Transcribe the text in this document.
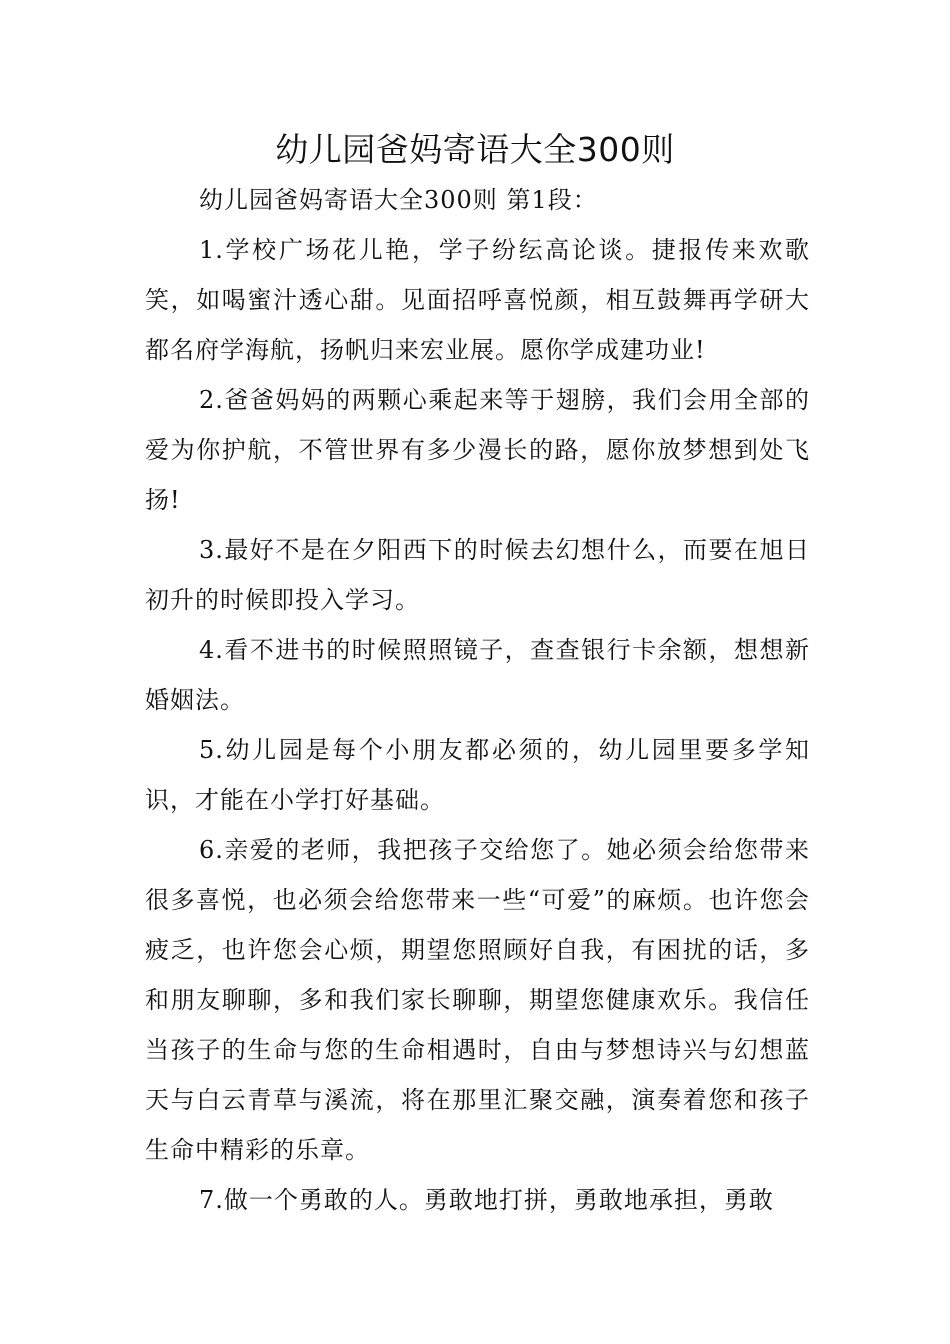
幼儿园爸妈寄语大全300则

幼儿园爸妈寄语大全300则 第1段：

1.学校广场花儿艳，学子纷纭高论谈。捷报传来欢歌笑，如喝蜜汁透心甜。见面招呼喜悦颜，相互鼓舞再学研大都名府学海航，扬帆归来宏业展。愿你学成建功业!

2.爸爸妈妈的两颗心乘起来等于翅膀，我们会用全部的爱为你护航，不管世界有多少漫长的路，愿你放梦想到处飞扬!

3.最好不是在夕阳西下的时候去幻想什么，而要在旭日初升的时候即投入学习。

4.看不进书的时候照照镜子，查查银行卡余额，想想新婚姻法。

5.幼儿园是每个小朋友都必须的，幼儿园里要多学知识，才能在小学打好基础。

6.亲爱的老师，我把孩子交给您了。她必须会给您带来很多喜悦，也必须会给您带来一些“可爱”的麻烦。也许您会疲乏，也许您会心烦，期望您照顾好自我，有困扰的话，多和朋友聊聊，多和我们家长聊聊，期望您健康欢乐。我信任当孩子的生命与您的生命相遇时，自由与梦想诗兴与幻想蓝天与白云青草与溪流，将在那里汇聚交融，演奏着您和孩子生命中精彩的乐章。

7.做一个勇敢的人。勇敢地打拼，勇敢地承担，勇敢
